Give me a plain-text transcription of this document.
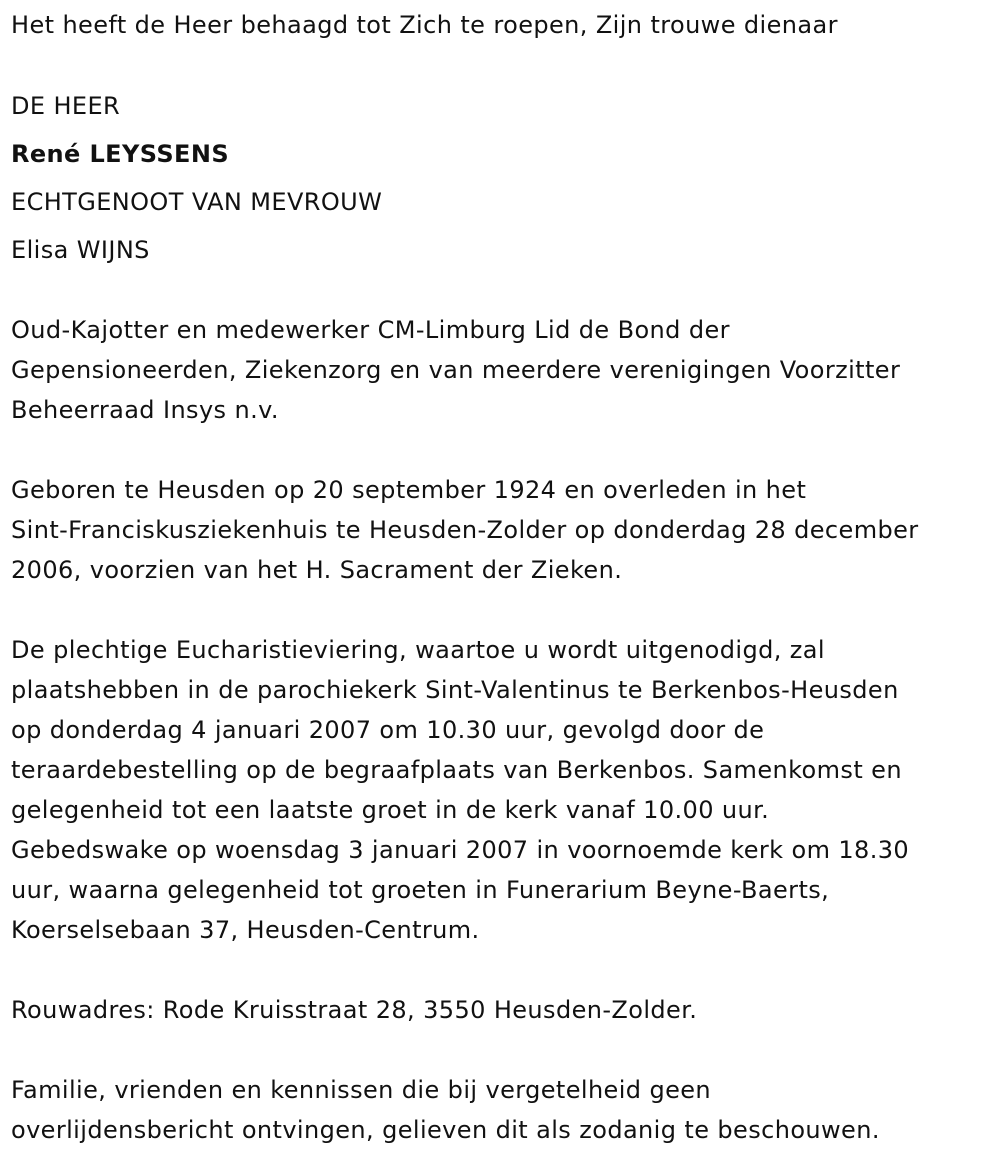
Het heeft de Heer behaagd tot Zich te roepen, Zijn trouwe dienaar
DE HEER
René LEYSSENS
ECHTGENOOT VAN MEVROUW
Elisa WIJNS
Oud-Kajotter en medewerker CM-Limburg Lid de Bond der
Gepensioneerden, Ziekenzorg en van meerdere verenigingen Voorzitter
Beheerraad Insys n.v.
Geboren te Heusden op 20 september 1924 en overleden in het
Sint-Franciskusziekenhuis te Heusden-Zolder op donderdag 28 december
2006, voorzien van het H. Sacrament der Zieken.
De plechtige Eucharistieviering, waartoe u wordt uitgenodigd, zal
plaatshebben in de parochiekerk Sint-Valentinus te Berkenbos-Heusden
op donderdag 4 januari 2007 om 10.30 uur, gevolgd door de
teraardebestelling op de begraafplaats van Berkenbos. Samenkomst en
gelegenheid tot een laatste groet in de kerk vanaf 10.00 uur.
Gebedswake op woensdag 3 januari 2007 in voornoemde kerk om 18.30
uur, waarna gelegenheid tot groeten in Funerarium Beyne-Baerts,
Koerselsebaan 37, Heusden-Centrum.
Rouwadres: Rode Kruisstraat 28, 3550 Heusden-Zolder.
Familie, vrienden en kennissen die bij vergetelheid geen
overlijdensbericht ontvingen, gelieven dit als zodanig te beschouwen.
